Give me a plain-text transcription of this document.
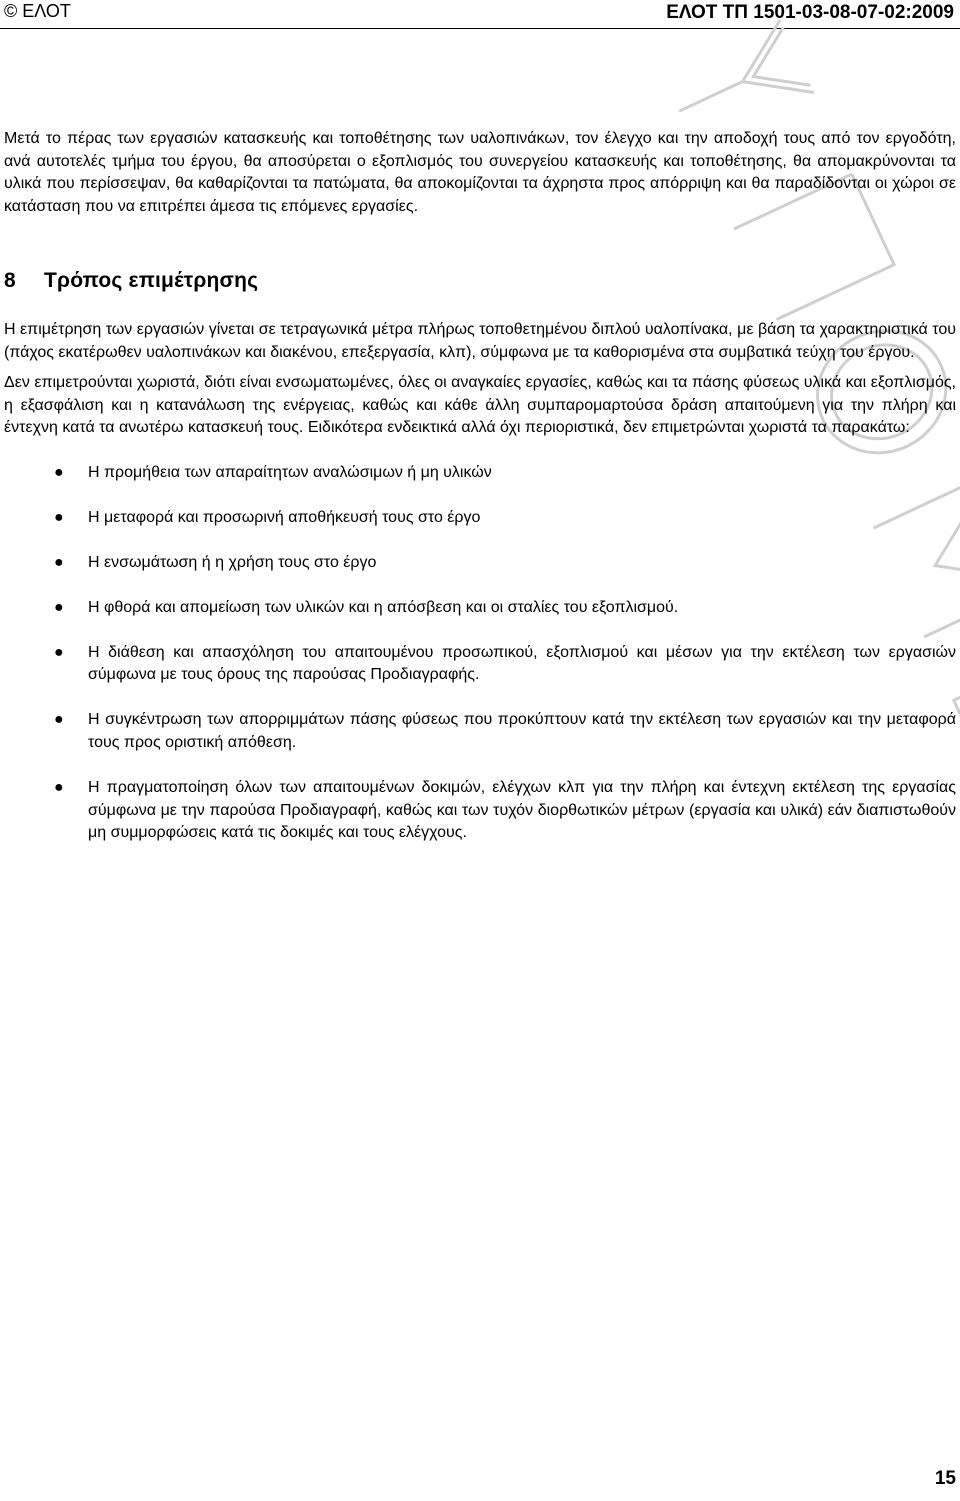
© ΕΛΟΤ	ΕΛΟΤ ΤΠ 1501-03-08-07-02:2009

Μετά το πέρας των εργασιών κατασκευής και τοποθέτησης των υαλοπινάκων, τον έλεγχο και την αποδοχή τους από τον εργοδότη, ανά αυτοτελές τμήμα του έργου, θα αποσύρεται ο εξοπλισμός του συνεργείου κατασκευής και τοποθέτησης, θα απομακρύνονται τα υλικά που περίσσεψαν, θα καθαρίζονται τα πατώματα, θα αποκομίζονται τα άχρηστα προς απόρριψη και θα παραδίδονται οι χώροι σε κατάσταση που να επιτρέπει άμεσα τις επόμενες εργασίες.

8 Τρόπος επιμέτρησης

Η επιμέτρηση των εργασιών γίνεται σε τετραγωνικά μέτρα πλήρως τοποθετημένου διπλού υαλοπίνακα, με βάση τα χαρακτηριστικά του (πάχος εκατέρωθεν υαλοπινάκων και διακένου, επεξεργασία, κλπ), σύμφωνα με τα καθορισμένα στα συμβατικά τεύχη του έργου.

Δεν επιμετρούνται χωριστά, διότι είναι ενσωματωμένες, όλες οι αναγκαίες εργασίες, καθώς και τα πάσης φύσεως υλικά και εξοπλισμός, η εξασφάλιση και η κατανάλωση της ενέργειας, καθώς και κάθε άλλη συμπαρομαρτούσα δράση απαιτούμενη για την πλήρη και έντεχνη κατά τα ανωτέρω κατασκευή τους. Ειδικότερα ενδεικτικά αλλά όχι περιοριστικά, δεν επιμετρώνται χωριστά τα παρακάτω:

● Η προμήθεια των απαραίτητων αναλώσιμων ή μη υλικών
● Η μεταφορά και προσωρινή αποθήκευσή τους στο έργο
● Η ενσωμάτωση ή η χρήση τους στο έργο
● Η φθορά και απομείωση των υλικών και η απόσβεση και οι σταλίες του εξοπλισμού.
● Η διάθεση και απασχόληση του απαιτουμένου προσωπικού, εξοπλισμού και μέσων για την εκτέλεση των εργασιών σύμφωνα με τους όρους της παρούσας Προδιαγραφής.
● Η συγκέντρωση των απορριμμάτων πάσης φύσεως που προκύπτουν κατά την εκτέλεση των εργασιών και την μεταφορά τους προς οριστική απόθεση.
● Η πραγματοποίηση όλων των απαιτουμένων δοκιμών, ελέγχων κλπ για την πλήρη και έντεχνη εκτέλεση της εργασίας σύμφωνα με την παρούσα Προδιαγραφή, καθώς και των τυχόν διορθωτικών μέτρων (εργασία και υλικά) εάν διαπιστωθούν μη συμμορφώσεις κατά τις δοκιμές και τους ελέγχους.
15
